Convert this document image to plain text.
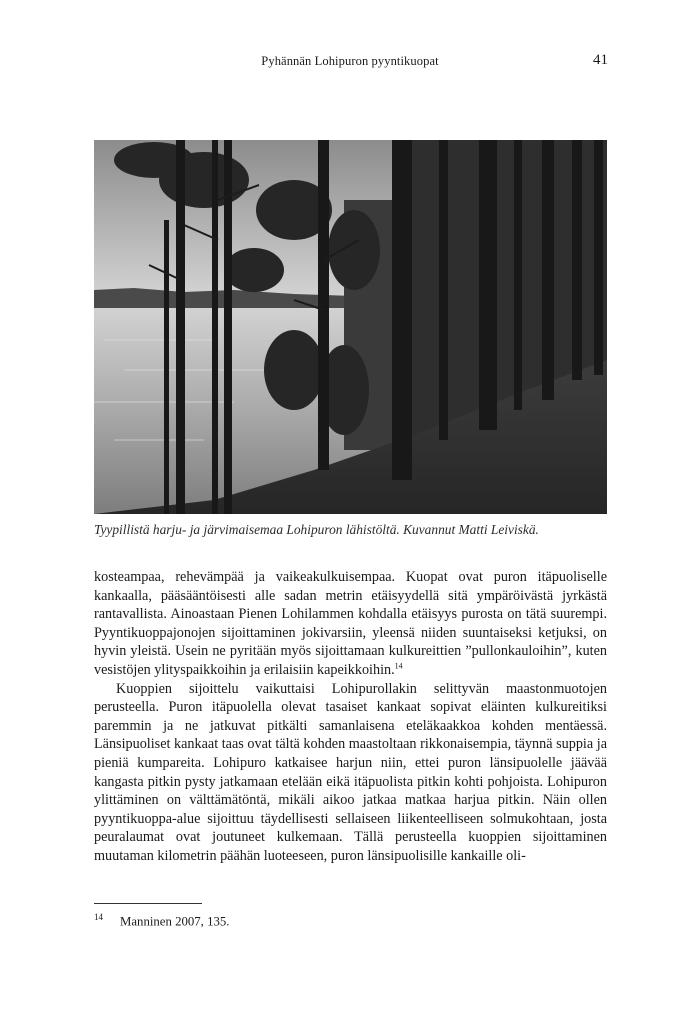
Pyhännän Lohipuron pyyntikuopat	41
Tyypillistä harju- ja järvimaisemaa Lohipuron lähistöltä. Kuvannut Matti Leiviskä.

kosteampaa, rehevämpää ja vaikeakulkuisempaa. Kuopat ovat puron itäpuoliselle kankaalla, pääsääntöisesti alle sadan metrin etäisyydellä sitä ympäröivästä jyrkästä rantavallista. Ainoastaan Pienen Lohilammen kohdalla etäisyys purosta on tätä suurempi. Pyyntikuoppajonojen sijoittaminen jokivarsiin, yleensä niiden suuntaiseksi ketjuksi, on hyvin yleistä. Usein ne pyritään myös sijoittamaan kulkureittien ”pullonkauloihin”, kuten vesistöjen ylityspaikkoihin ja erilaisiin kapeikkoihin.$^{14}$

Kuoppien sijoittelu vaikuttaisi Lohipurollakin selittyvän maastonmuotojen perusteella. Puron itäpuolella olevat tasaiset kankaat sopivat eläinten kulkureitiksi paremmin ja ne jatkuvat pitkälti samanlaisena eteläkaakkoa kohden mentäessä. Länsipuoliset kankaat taas ovat tältä kohden maastoltaan rikkonaisempia, täynnä suppia ja pieniä kumpareita. Lohipuro katkaisee harjun niin, ettei puron länsipuolelle jäävää kangasta pitkin pysty jatkamaan etelään eikä itäpuolista pitkin kohti pohjoista. Lohipuron ylittäminen on välttämätöntä, mikäli aikoo jatkaa matkaa harjua pitkin. Näin ollen pyyntikuoppa-alue sijoittuu täydellisesti sellaiseen liikenteelliseen solmukohtaan, josta peuralaumat ovat joutuneet kulkemaan. Tällä perusteella kuoppien sijoittaminen muutaman kilometrin päähän luoteeseen, puron länsipuolisille kankaille oli-

14 Manninen 2007, 135.
